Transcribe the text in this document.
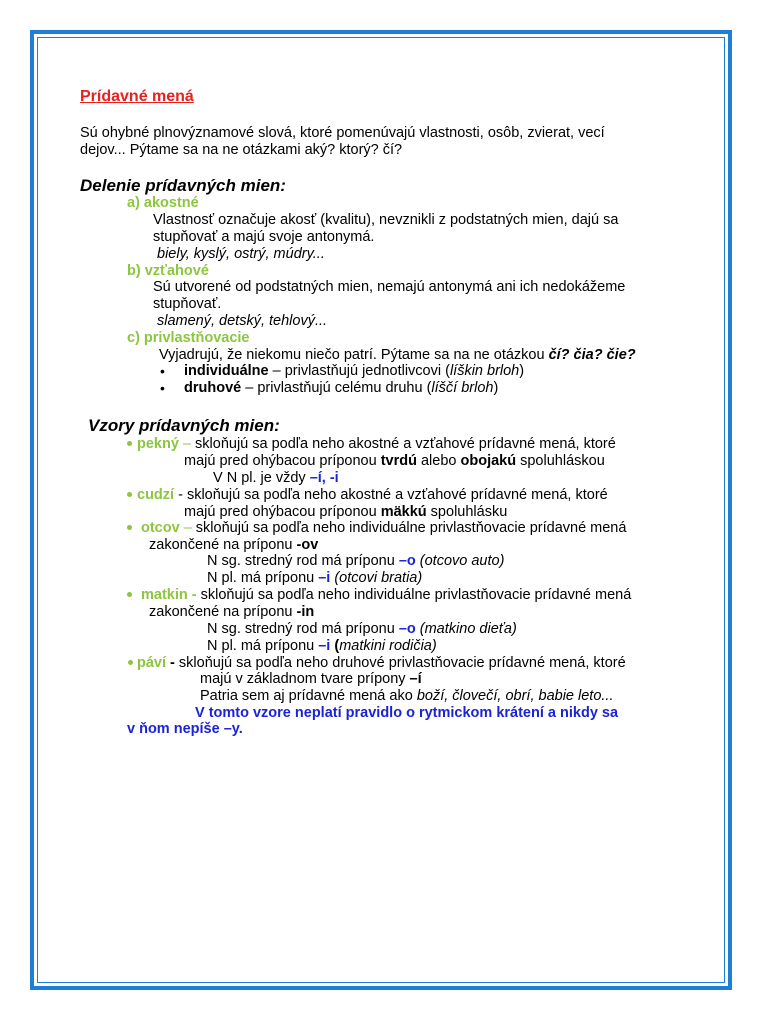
Prídavné mená
Sú ohybné plnovýznamové slová, ktoré pomenúvajú vlastnosti, osôb, zvierat, vecí
dejov... Pýtame sa na ne otázkami aký? ktorý? čí?
Delenie prídavných mien:
a) akostné
Vlastnosť označuje akosť (kvalitu), nevznikli z podstatných mien, dajú sa
stupňovať a majú svoje antonymá.
biely, kyslý, ostrý, múdry...
b) vzťahové
Sú utvorené od podstatných mien, nemajú antonymá ani ich nedokážeme
stupňovať.
slamený, detský, tehlový...
c) privlastňovacie
Vyjadrujú, že niekomu niečo patrí. Pýtame sa na ne otázkou čí? čia? čie?
• individuálne – privlastňujú jednotlivcovi (líškin brloh)
• druhové – privlastňujú celému druhu (líščí brloh)
Vzory prídavných mien:
pekný – skloňujú sa podľa neho akostné a vzťahové prídavné mená, ktoré
majú pred ohýbacou príponou tvrdú alebo obojakú spoluhláskou
V N pl. je vždy –í, -i
cudzí - skloňujú sa podľa neho akostné a vzťahové prídavné mená, ktoré
majú pred ohýbacou príponou mäkkú spoluhlásku
otcov – skloňujú sa podľa neho individuálne privlastňovacie prídavné mená
zakončené na príponu -ov
N sg. stredný rod má príponu –o (otcovo auto)
N pl. má príponu –i (otcovi bratia)
matkin - skloňujú sa podľa neho individuálne privlastňovacie prídavné mená
zakončené na príponu -in
N sg. stredný rod má príponu –o (matkino dieťa)
N pl. má príponu –i (matkini rodičia)
páví - skloňujú sa podľa neho druhové privlastňovacie prídavné mená, ktoré
majú v základnom tvare prípony –í
Patria sem aj prídavné mená ako boží, človečí, obrí, babie leto...
V tomto vzore neplatí pravidlo o rytmickom krátení a nikdy sa
v ňom nepíše –y.
